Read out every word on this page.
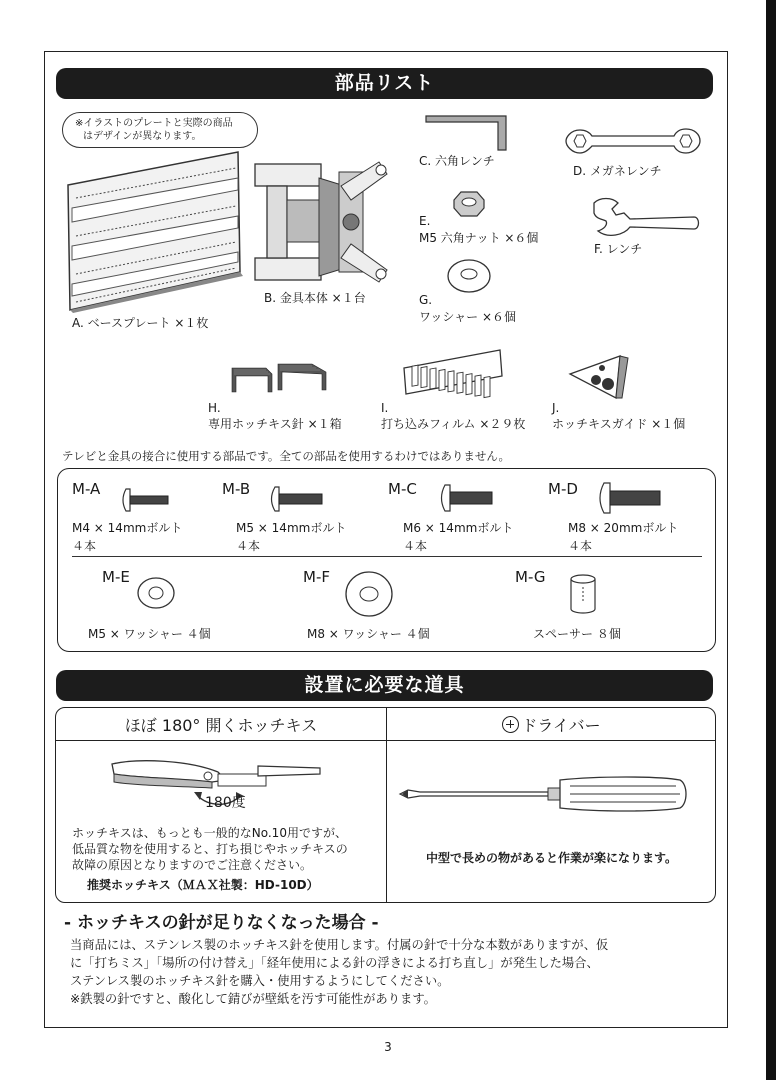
部品リスト
※イラストのプレートと実際の商品
はデザインが異なります。
A. ベースプレート ×１枚
B. 金具本体 ×１台
C. 六角レンチ
D. メガネレンチ
E.
M5 六角ナット ×６個
F. レンチ
G.
ワッシャー ×６個
H.
専用ホッチキス針 ×１箱
I.
打ち込みフィルム ×２９枚
J.
ホッチキスガイド ×１個
テレビと金具の接合に使用する部品です。全ての部品を使用するわけではありません。
M-A
M4 × 14mmボルト
４本
M-B
M5 × 14mmボルト
４本
M-C
M6 × 14mmボルト
４本
M-D
M8 × 20mmボルト
４本
M-E
M5 × ワッシャー ４個
M-F
M8 × ワッシャー ４個
M-G
スペーサー ８個
設置に必要な道具
ほぼ 180° 開くホッチキス	ドライバー
180度
ホッチキスは、もっとも一般的なNo.10用ですが、
低品質な物を使用すると、打ち損じやホッチキスの
故障の原因となりますのでご注意ください。
推奨ホッチキス（ＭＡＸ社製：HD-10D）
中型で長めの物があると作業が楽になります。
- ホッチキスの針が足りなくなった場合 -
当商品には、ステンレス製のホッチキス針を使用します。付属の針で十分な本数がありますが、仮
に「打ちミス」「場所の付け替え」「経年使用による針の浮きによる打ち直し」が発生した場合、
ステンレス製のホッチキス針を購入・使用するようにしてください。
※鉄製の針ですと、酸化して錆びが壁紙を汚す可能性があります。
3
